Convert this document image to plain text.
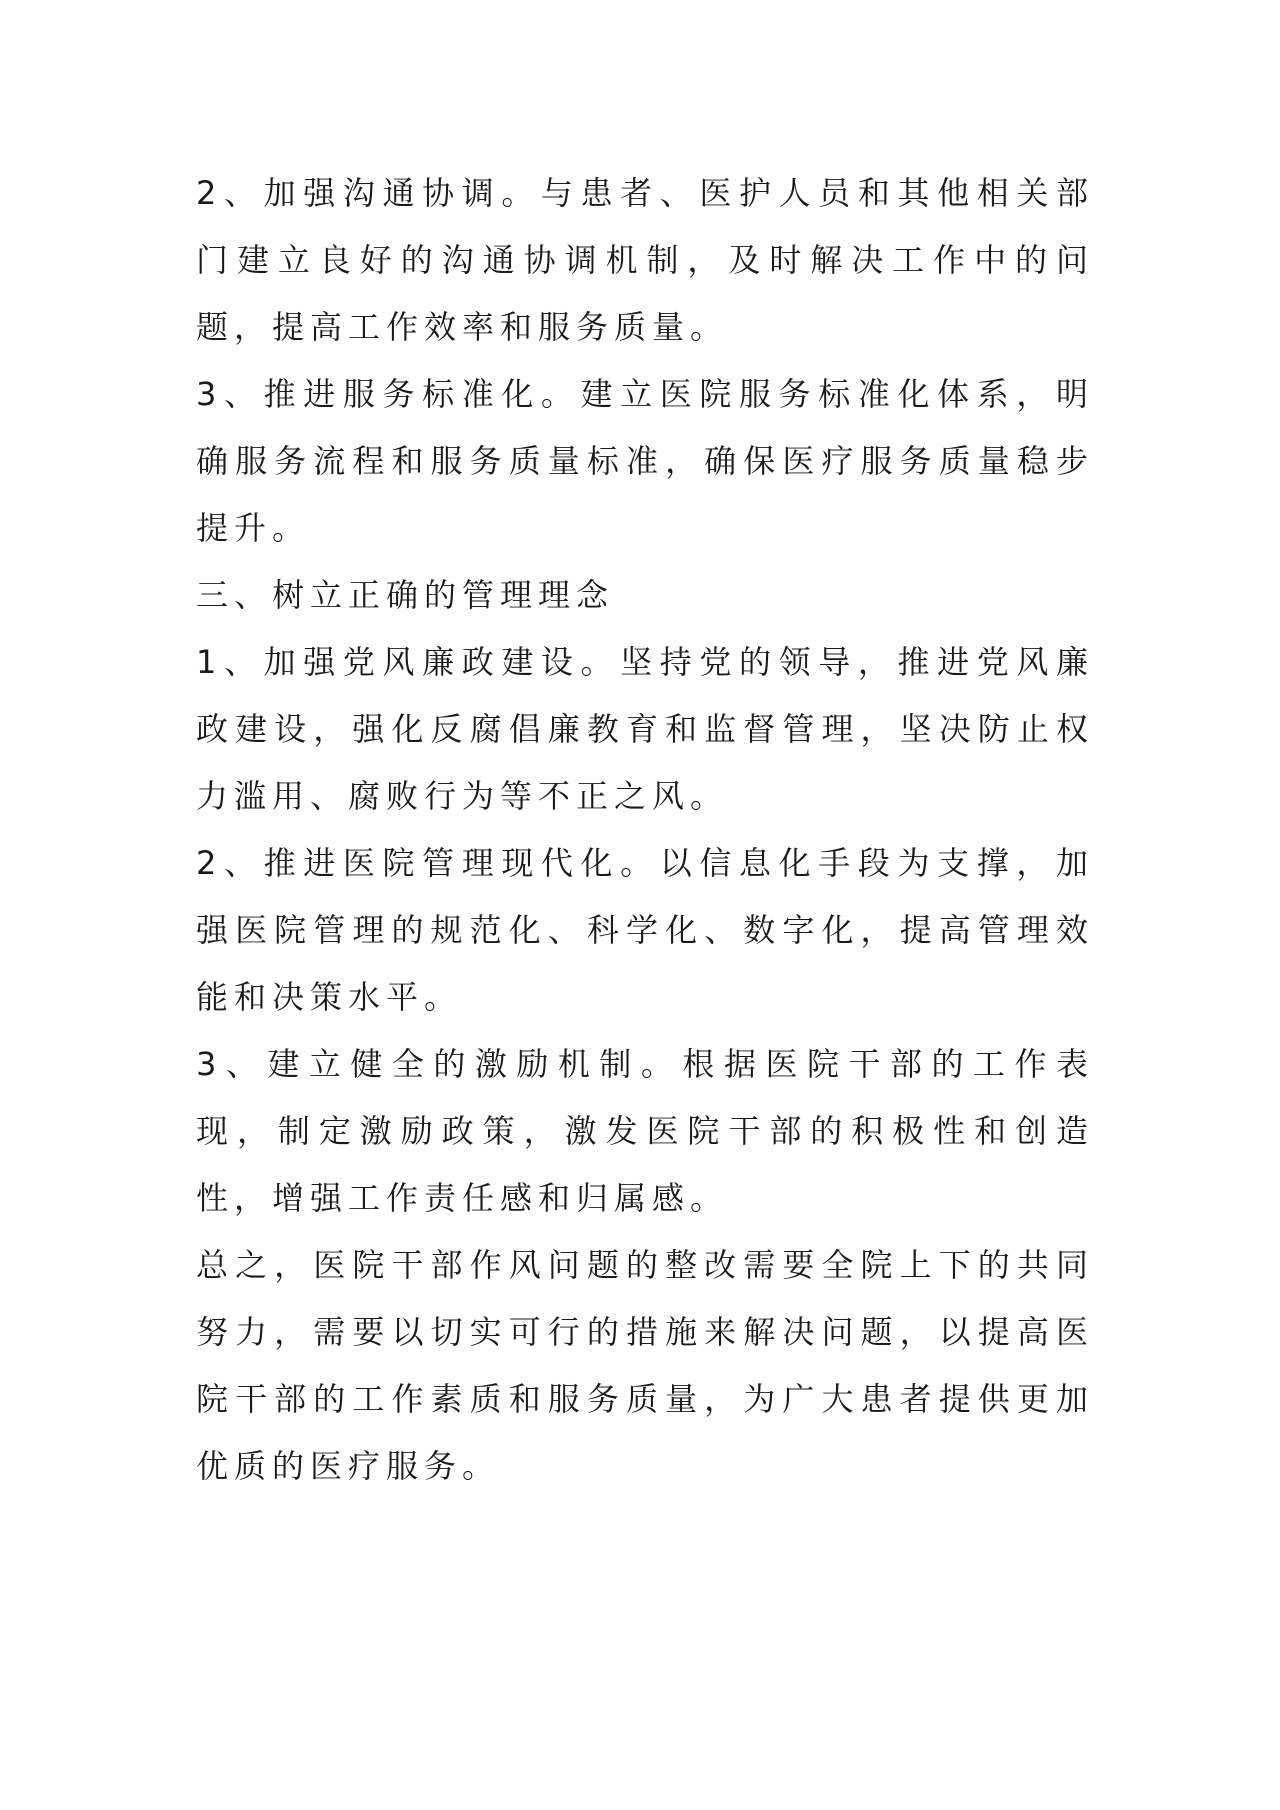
2、加强沟通协调。与患者、医护人员和其他相关部门建立良好的沟通协调机制，及时解决工作中的问题，提高工作效率和服务质量。

3、推进服务标准化。建立医院服务标准化体系，明确服务流程和服务质量标准，确保医疗服务质量稳步提升。

三、树立正确的管理理念

1、加强党风廉政建设。坚持党的领导，推进党风廉政建设，强化反腐倡廉教育和监督管理，坚决防止权力滥用、腐败行为等不正之风。

2、推进医院管理现代化。以信息化手段为支撑，加强医院管理的规范化、科学化、数字化，提高管理效能和决策水平。

3、建立健全的激励机制。根据医院干部的工作表现，制定激励政策，激发医院干部的积极性和创造性，增强工作责任感和归属感。

总之，医院干部作风问题的整改需要全院上下的共同努力，需要以切实可行的措施来解决问题，以提高医院干部的工作素质和服务质量，为广大患者提供更加优质的医疗服务。
